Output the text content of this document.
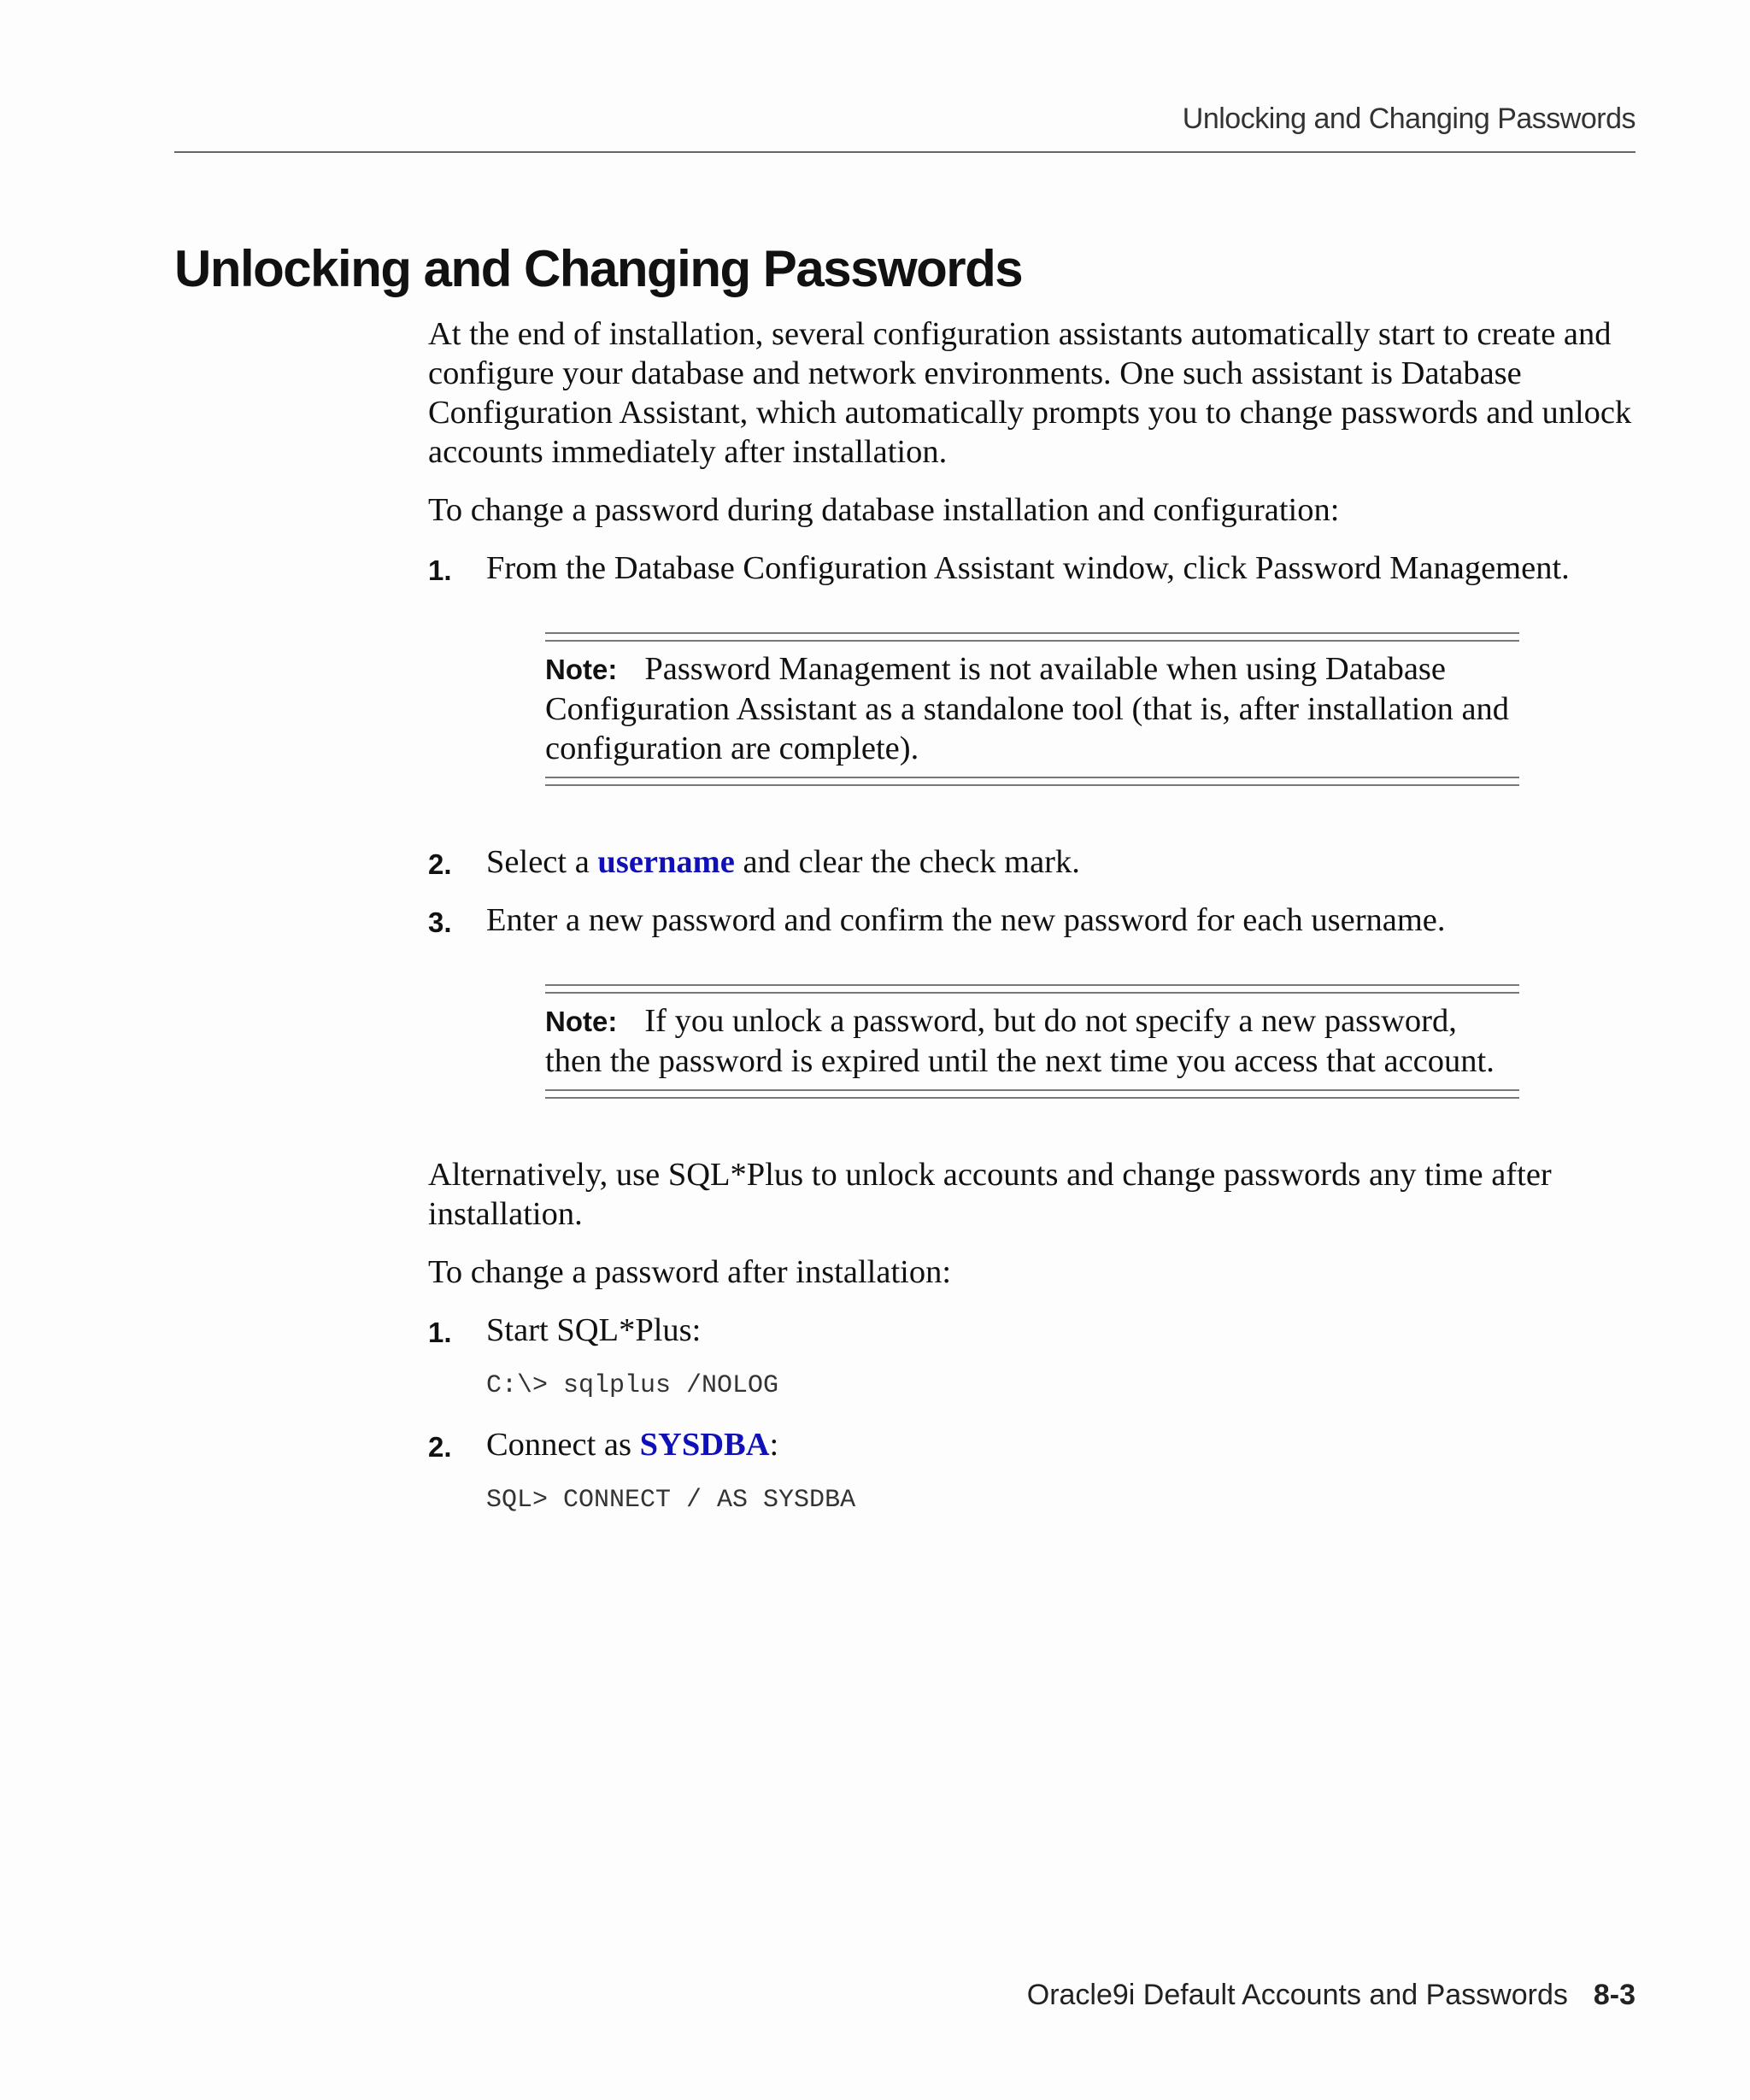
Unlocking and Changing Passwords
Unlocking and Changing Passwords

At the end of installation, several configuration assistants automatically start to create and configure your database and network environments. One such assistant is Database Configuration Assistant, which automatically prompts you to change passwords and unlock accounts immediately after installation.

To change a password during database installation and configuration:

1. From the Database Configuration Assistant window, click Password Management.
Note: Password Management is not available when using Database Configuration Assistant as a standalone tool (that is, after installation and configuration are complete).
2. Select a username and clear the check mark.
3. Enter a new password and confirm the new password for each username.
Note: If you unlock a password, but do not specify a new password, then the password is expired until the next time you access that account.

Alternatively, use SQL*Plus to unlock accounts and change passwords any time after installation.

To change a password after installation:

1. Start SQL*Plus:
C:\> sqlplus /NOLOG
2. Connect as SYSDBA:
SQL> CONNECT / AS SYSDBA
Oracle9i Default Accounts and Passwords 8-3
